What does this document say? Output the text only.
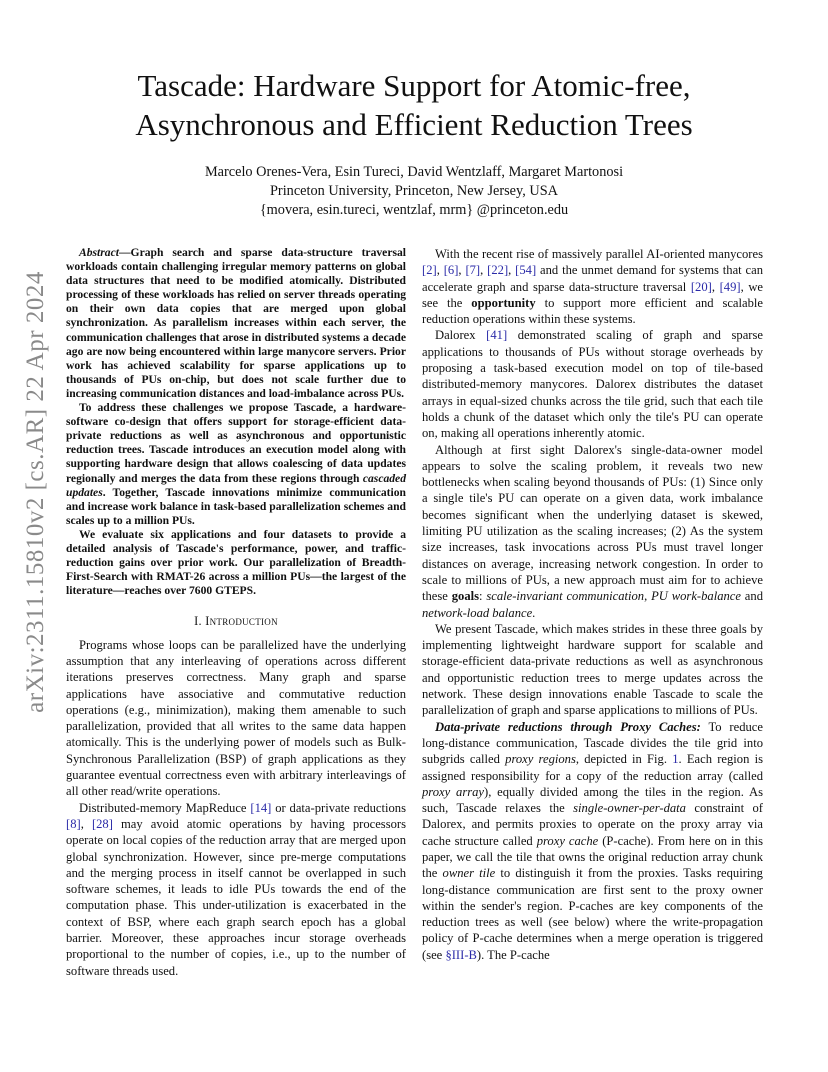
arXiv:2311.15810v2 [cs.AR] 22 Apr 2024
Tascade: Hardware Support for Atomic-free,
Asynchronous and Efficient Reduction Trees
Marcelo Orenes-Vera, Esin Tureci, David Wentzlaff, Margaret Martonosi
Princeton University, Princeton, New Jersey, USA
{movera, esin.tureci, wentzlaf, mrm} @princeton.edu

Abstract—Graph search and sparse data-structure traversal workloads contain challenging irregular memory patterns on global data structures that need to be modified atomically. Distributed processing of these workloads has relied on server threads operating on their own data copies that are merged upon global synchronization. As parallelism increases within each server, the communication challenges that arose in distributed systems a decade ago are now being encountered within large manycore servers. Prior work has achieved scalability for sparse applications up to thousands of PUs on-chip, but does not scale further due to increasing communication distances and load-imbalance across PUs.

To address these challenges we propose Tascade, a hardware-software co-design that offers support for storage-efficient data-private reductions as well as asynchronous and opportunistic reduction trees. Tascade introduces an execution model along with supporting hardware design that allows coalescing of data updates regionally and merges the data from these regions through cascaded updates. Together, Tascade innovations minimize communication and increase work balance in task-based parallelization schemes and scales up to a million PUs.

We evaluate six applications and four datasets to provide a detailed analysis of Tascade's performance, power, and traffic-reduction gains over prior work. Our parallelization of Breadth-First-Search with RMAT-26 across a million PUs—the largest of the literature—reaches over 7600 GTEPS.

I. Introduction

Programs whose loops can be parallelized have the underlying assumption that any interleaving of operations across different iterations preserves correctness. Many graph and sparse applications have associative and commutative reduction operations (e.g., minimization), making them amenable to such parallelization, provided that all writes to the same data happen atomically. This is the underlying power of models such as Bulk-Synchronous Parallelization (BSP) of graph applications as they guarantee eventual correctness even with arbitrary interleavings of all other read/write operations.

Distributed-memory MapReduce [14] or data-private reductions [8], [28] may avoid atomic operations by having processors operate on local copies of the reduction array that are merged upon global synchronization. However, since pre-merge computations and the merging process in itself cannot be overlapped in such software schemes, it leads to idle PUs towards the end of the computation phase. This under-utilization is exacerbated in the context of BSP, where each graph search epoch has a global barrier. Moreover, these approaches incur storage overheads proportional to the number of copies, i.e., up to the number of software threads used.

With the recent rise of massively parallel AI-oriented manycores [2], [6], [7], [22], [54] and the unmet demand for systems that can accelerate graph and sparse data-structure traversal [20], [49], we see the opportunity to support more efficient and scalable reduction operations within these systems.

Dalorex [41] demonstrated scaling of graph and sparse applications to thousands of PUs without storage overheads by proposing a task-based execution model on top of tile-based distributed-memory manycores. Dalorex distributes the dataset arrays in equal-sized chunks across the tile grid, such that each tile holds a chunk of the dataset which only the tile's PU can operate on, making all operations inherently atomic.

Although at first sight Dalorex's single-data-owner model appears to solve the scaling problem, it reveals two new bottlenecks when scaling beyond thousands of PUs: (1) Since only a single tile's PU can operate on a given data, work imbalance becomes significant when the underlying dataset is skewed, limiting PU utilization as the scaling increases; (2) As the system size increases, task invocations across PUs must travel longer distances on average, increasing network congestion. In order to scale to millions of PUs, a new approach must aim for to achieve these goals: scale-invariant communication, PU work-balance and network-load balance.

We present Tascade, which makes strides in these three goals by implementing lightweight hardware support for scalable and storage-efficient data-private reductions as well as asynchronous and opportunistic reduction trees to merge updates across the network. These design innovations enable Tascade to scale the parallelization of graph and sparse applications to millions of PUs.

Data-private reductions through Proxy Caches: To reduce long-distance communication, Tascade divides the tile grid into subgrids called proxy regions, depicted in Fig. 1. Each region is assigned responsibility for a copy of the reduction array (called proxy array), equally divided among the tiles in the region. As such, Tascade relaxes the single-owner-per-data constraint of Dalorex, and permits proxies to operate on the proxy array via cache structure called proxy cache (P-cache). From here on in this paper, we call the tile that owns the original reduction array chunk the owner tile to distinguish it from the proxies. Tasks requiring long-distance communication are first sent to the proxy owner within the sender's region. P-caches are key components of the reduction trees as well (see below) where the write-propagation policy of P-cache determines when a merge operation is triggered (see §III-B). The P-cache
